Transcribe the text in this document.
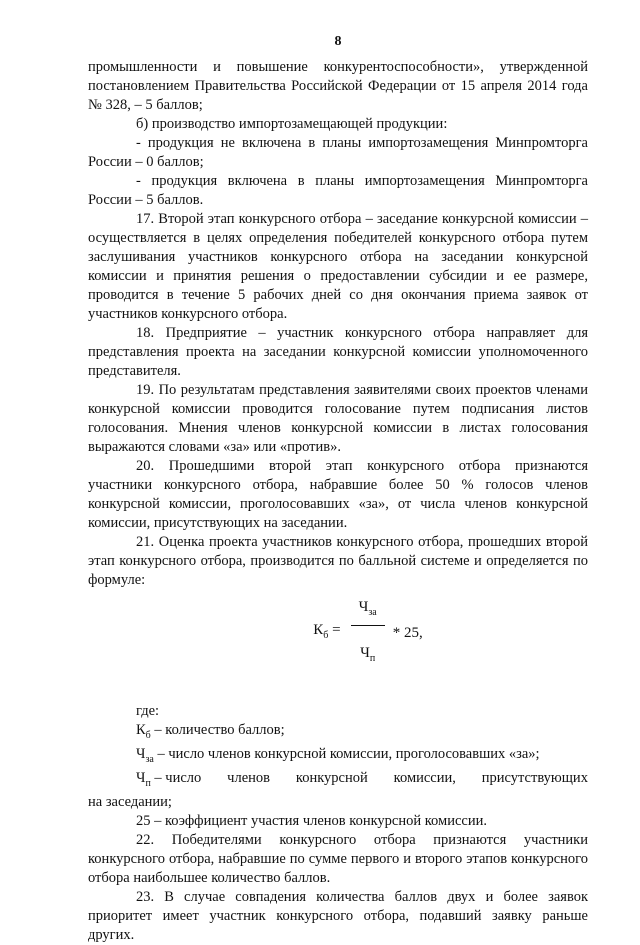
8

промышленности и повышение конкурентоспособности», утвержденной постановлением Правительства Российской Федерации от 15 апреля 2014 года № 328, – 5 баллов;

б) производство импортозамещающей продукции:

- продукция не включена в планы импортозамещения Минпромторга России – 0 баллов;

- продукция включена в планы импортозамещения Минпромторга России – 5 баллов.

17. Второй этап конкурсного отбора – заседание конкурсной комиссии – осуществляется в целях определения победителей конкурсного отбора путем заслушивания участников конкурсного отбора на заседании конкурсной комиссии и принятия решения о предоставлении субсидии и ее размере, проводится в течение 5 рабочих дней со дня окончания приема заявок от участников конкурсного отбора.

18. Предприятие – участник конкурсного отбора направляет для представления проекта на заседании конкурсной комиссии уполномоченного представителя.

19. По результатам представления заявителями своих проектов членами конкурсной комиссии проводится голосование путем подписания листов голосования. Мнения членов конкурсной комиссии в листах голосования выражаются словами «за» или «против».

20. Прошедшими второй этап конкурсного отбора признаются участники конкурсного отбора, набравшие более 50 % голосов членов конкурсной комиссии, проголосовавших «за», от числа членов конкурсной комиссии, присутствующих на заседании.

21. Оценка проекта участников конкурсного отбора, прошедших второй этап конкурсного отбора, производится по балльной системе и определяется по формуле:

$К_б = \frac{Ч_{за}}{Ч_п} * 25$,

где:

$К_б$ – количество баллов;

$Ч_{за}$ – число членов конкурсной комиссии, проголосовавших «за»;

$Ч_п$ – число членов конкурсной комиссии, присутствующих

на заседании;

25 – коэффициент участия членов конкурсной комиссии.

22. Победителями конкурсного отбора признаются участники конкурсного отбора, набравшие по сумме первого и второго этапов конкурсного отбора наибольшее количество баллов.

23. В случае совпадения количества баллов двух и более заявок приоритет имеет участник конкурсного отбора, подавший заявку раньше других.
